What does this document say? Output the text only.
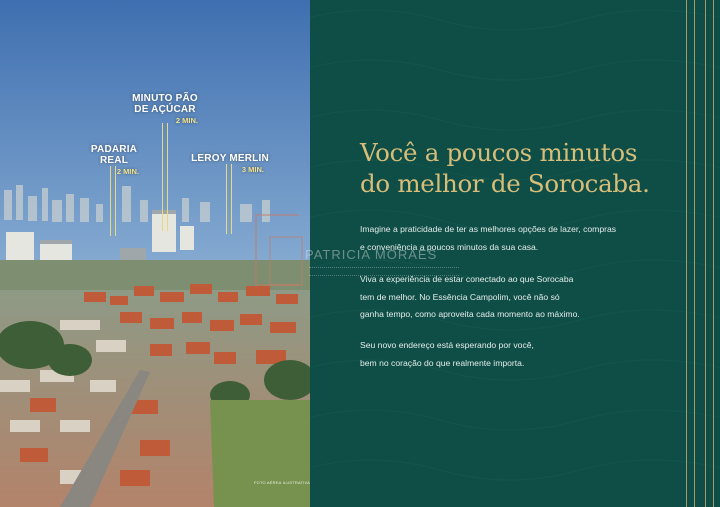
MINUTO PÃO
DE AÇÚCAR
2 MIN.
PADARIA
REAL
2 MIN.
LEROY MERLIN
3 MIN.
FOTO AÉREA ILUSTRATIVA
Você a poucos minutos
do melhor de Sorocaba.

Imagine a praticidade de ter as melhores opções de lazer, compras
e conveniência a poucos minutos da sua casa.

Viva a experiência de estar conectado ao que Sorocaba
tem de melhor. No Essência Campolim, você não só
ganha tempo, como aproveita cada momento ao máximo.

Seu novo endereço está esperando por você,
bem no coração do que realmente importa.

PATRICIA MORAES
